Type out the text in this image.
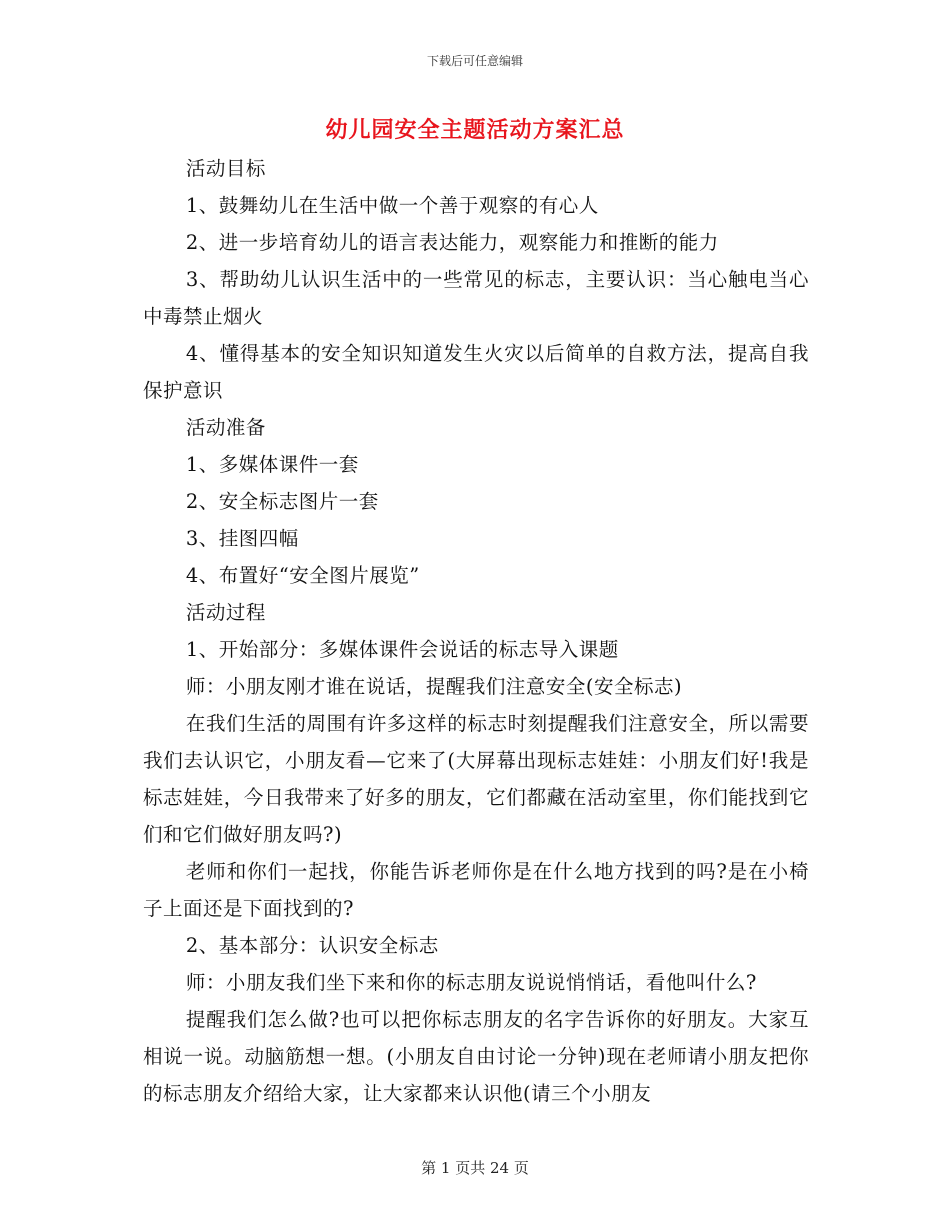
下载后可任意编辑
幼儿园安全主题活动方案汇总

活动目标

1、鼓舞幼儿在生活中做一个善于观察的有心人

2、进一步培育幼儿的语言表达能力，观察能力和推断的能力

3、帮助幼儿认识生活中的一些常见的标志，主要认识：当心触电当心中毒禁止烟火

4、懂得基本的安全知识知道发生火灾以后简单的自救方法，提高自我保护意识

活动准备

1、多媒体课件一套

2、安全标志图片一套

3、挂图四幅

4、布置好“安全图片展览”

活动过程

1、开始部分：多媒体课件会说话的标志导入课题

师：小朋友刚才谁在说话，提醒我们注意安全(安全标志)

在我们生活的周围有许多这样的标志时刻提醒我们注意安全，所以需要我们去认识它，小朋友看—它来了(大屏幕出现标志娃娃：小朋友们好!我是标志娃娃，今日我带来了好多的朋友，它们都藏在活动室里，你们能找到它们和它们做好朋友吗?)

老师和你们一起找，你能告诉老师你是在什么地方找到的吗?是在小椅子上面还是下面找到的?

2、基本部分：认识安全标志

师：小朋友我们坐下来和你的标志朋友说说悄悄话，看他叫什么?

提醒我们怎么做?也可以把你标志朋友的名字告诉你的好朋友。大家互相说一说。动脑筋想一想。(小朋友自由讨论一分钟)现在老师请小朋友把你的标志朋友介绍给大家，让大家都来认识他(请三个小朋友

第 1 页共 24 页
